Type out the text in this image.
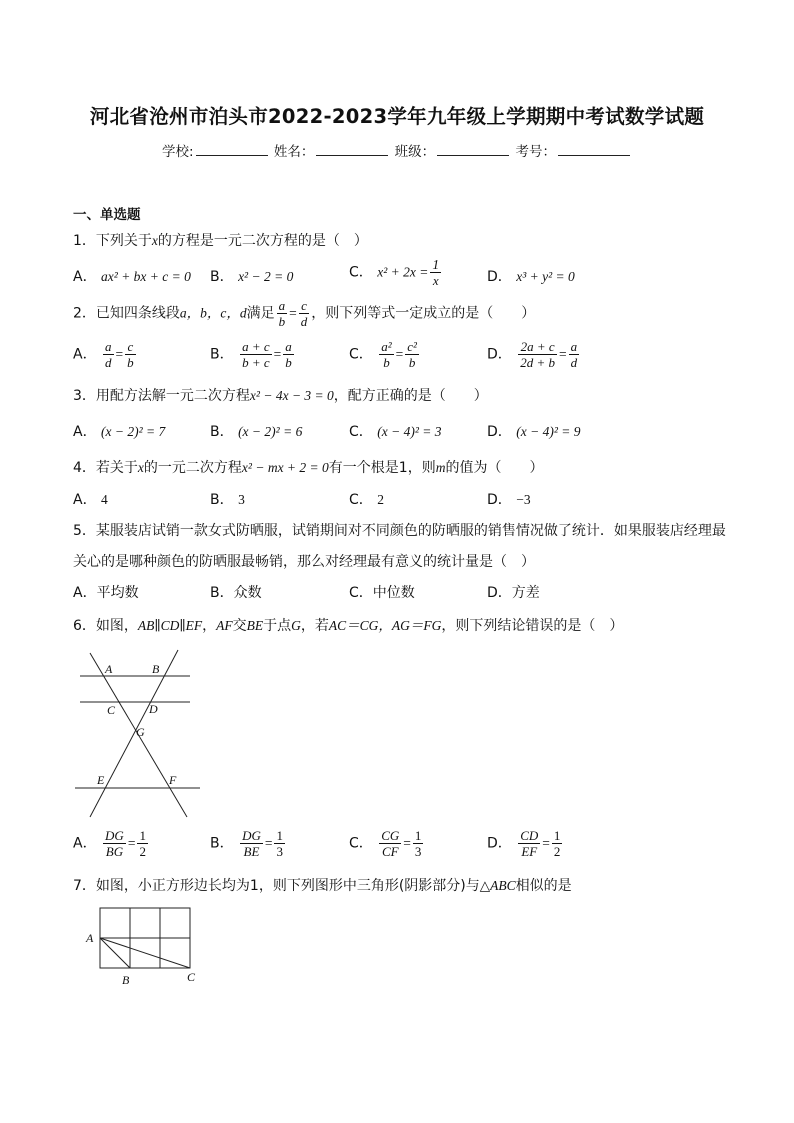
河北省沧州市泊头市2022-2023学年九年级上学期期中考试数学试题
学校:	姓名：	班级：	考号：
一、单选题
1．下列关于x的方程是一元二次方程的是（　）
A． ax² + bx + c = 0 B． x² − 2 = 0	C． $x^2 + 2x = \frac{1}{x}$	D． x³ + y² = 0
2．已知四条线段a，b，c，d满足 $\frac{a}{b} = \frac{c}{d}$ ，则下列等式一定成立的是（　　）
A． $\frac{a}{d} = \frac{c}{b}$	B． $\frac{a + c}{b + c} = \frac{a}{b}$	C． $\frac{\text{a²}}{b} = \frac{\text{c²}}{b}$	D． $\frac{2a + c}{2d + b} = \frac{a}{d}$
3．用配方法解一元二次方程x² − 4x − 3 = 0，配方正确的是（　　）
A． (x − 2)² = 7	B． (x − 2)² = 6	C． (x − 4)² = 3	D． (x − 4)² = 9
4．若关于x的一元二次方程x² − mx + 2 = 0有一个根是1，则m的值为（　　）
A． 4	B． 3	C． 2	D． −3
5．某服装店试销一款女式防晒服，试销期间对不同颜色的防晒服的销售情况做了统计．如果服装店经理最
关心的是哪种颜色的防晒服最畅销，那么对经理最有意义的统计量是（　）
A．平均数	B．众数	C．中位数	D．方差
6．如图，AB∥CD∥EF，AF交BE于点G，若AC＝CG，AG＝FG，则下列结论错误的是（　）
A	B
C	D
G
E	F
A． $\frac{DG}{BG} = \frac{1}{2}$	B． $\frac{DG}{BE} = \frac{1}{3}$	C． $\frac{CG}{CF} = \frac{1}{3}$	D． $\frac{CD}{EF} = \frac{1}{2}$
7．如图，小正方形边长均为1，则下列图形中三角形(阴影部分)与△ABC相似的是
A
B	C
